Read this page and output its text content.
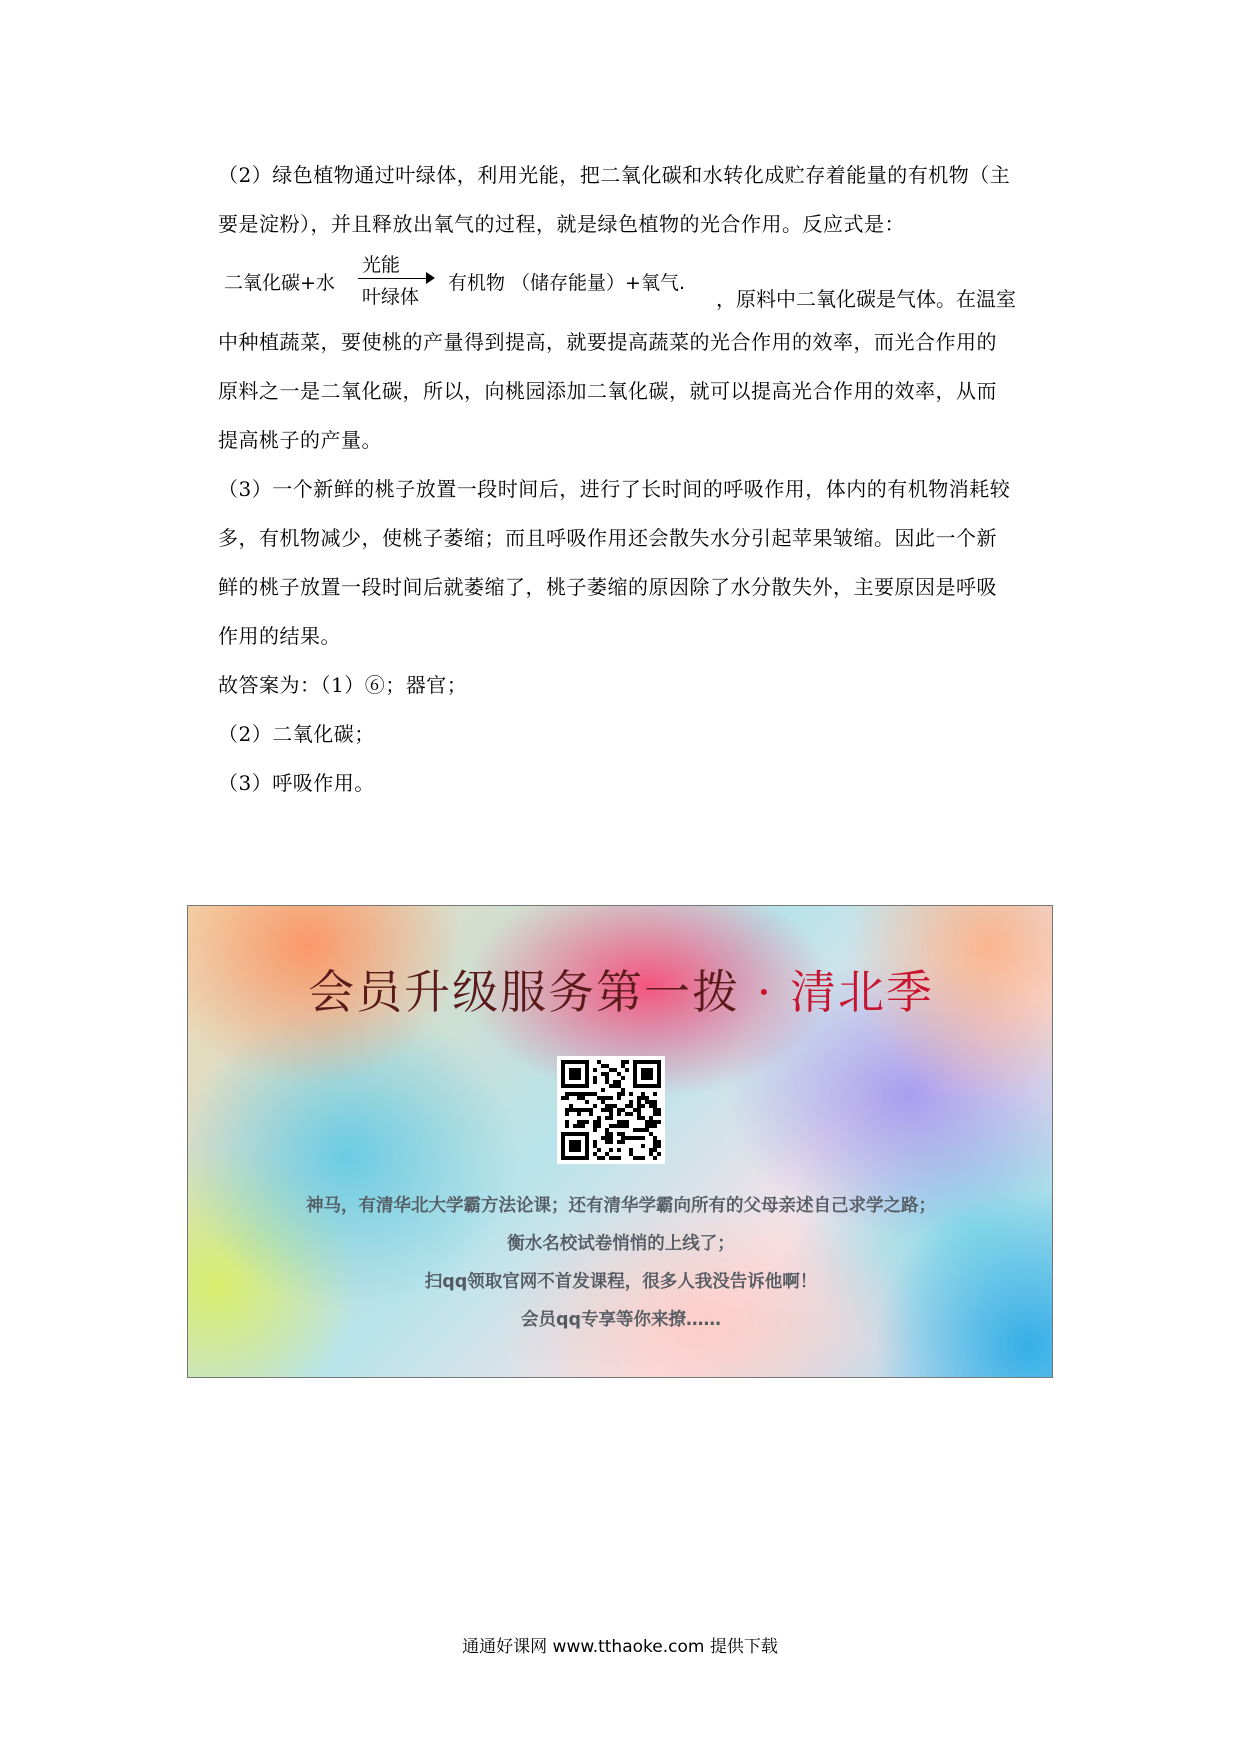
（2）绿色植物通过叶绿体，利用光能，把二氧化碳和水转化成贮存着能量的有机物（主
要是淀粉），并且释放出氧气的过程，就是绿色植物的光合作用。反应式是：
二氧化碳+水
光能
叶绿体
有机物 （储存能量）+氧气.
，原料中二氧化碳是气体。在温室
中种植蔬菜，要使桃的产量得到提高，就要提高蔬菜的光合作用的效率，而光合作用的
原料之一是二氧化碳，所以，向桃园添加二氧化碳，就可以提高光合作用的效率，从而
提高桃子的产量。
（3）一个新鲜的桃子放置一段时间后，进行了长时间的呼吸作用，体内的有机物消耗较
多，有机物减少，使桃子萎缩；而且呼吸作用还会散失水分引起苹果皱缩。因此一个新
鲜的桃子放置一段时间后就萎缩了，桃子萎缩的原因除了水分散失外，主要原因是呼吸
作用的结果。
故答案为：（1）⑥；器官；
（2）二氧化碳；
（3）呼吸作用。
会员升级服务第一拨 · 清北季
神马，有清华北大学霸方法论课；还有清华学霸向所有的父母亲述自己求学之路；
衡水名校试卷悄悄的上线了；
扫qq领取官网不首发课程，很多人我没告诉他啊！
会员qq专享等你来撩……
通通好课网 www.tthaoke.com 提供下载
